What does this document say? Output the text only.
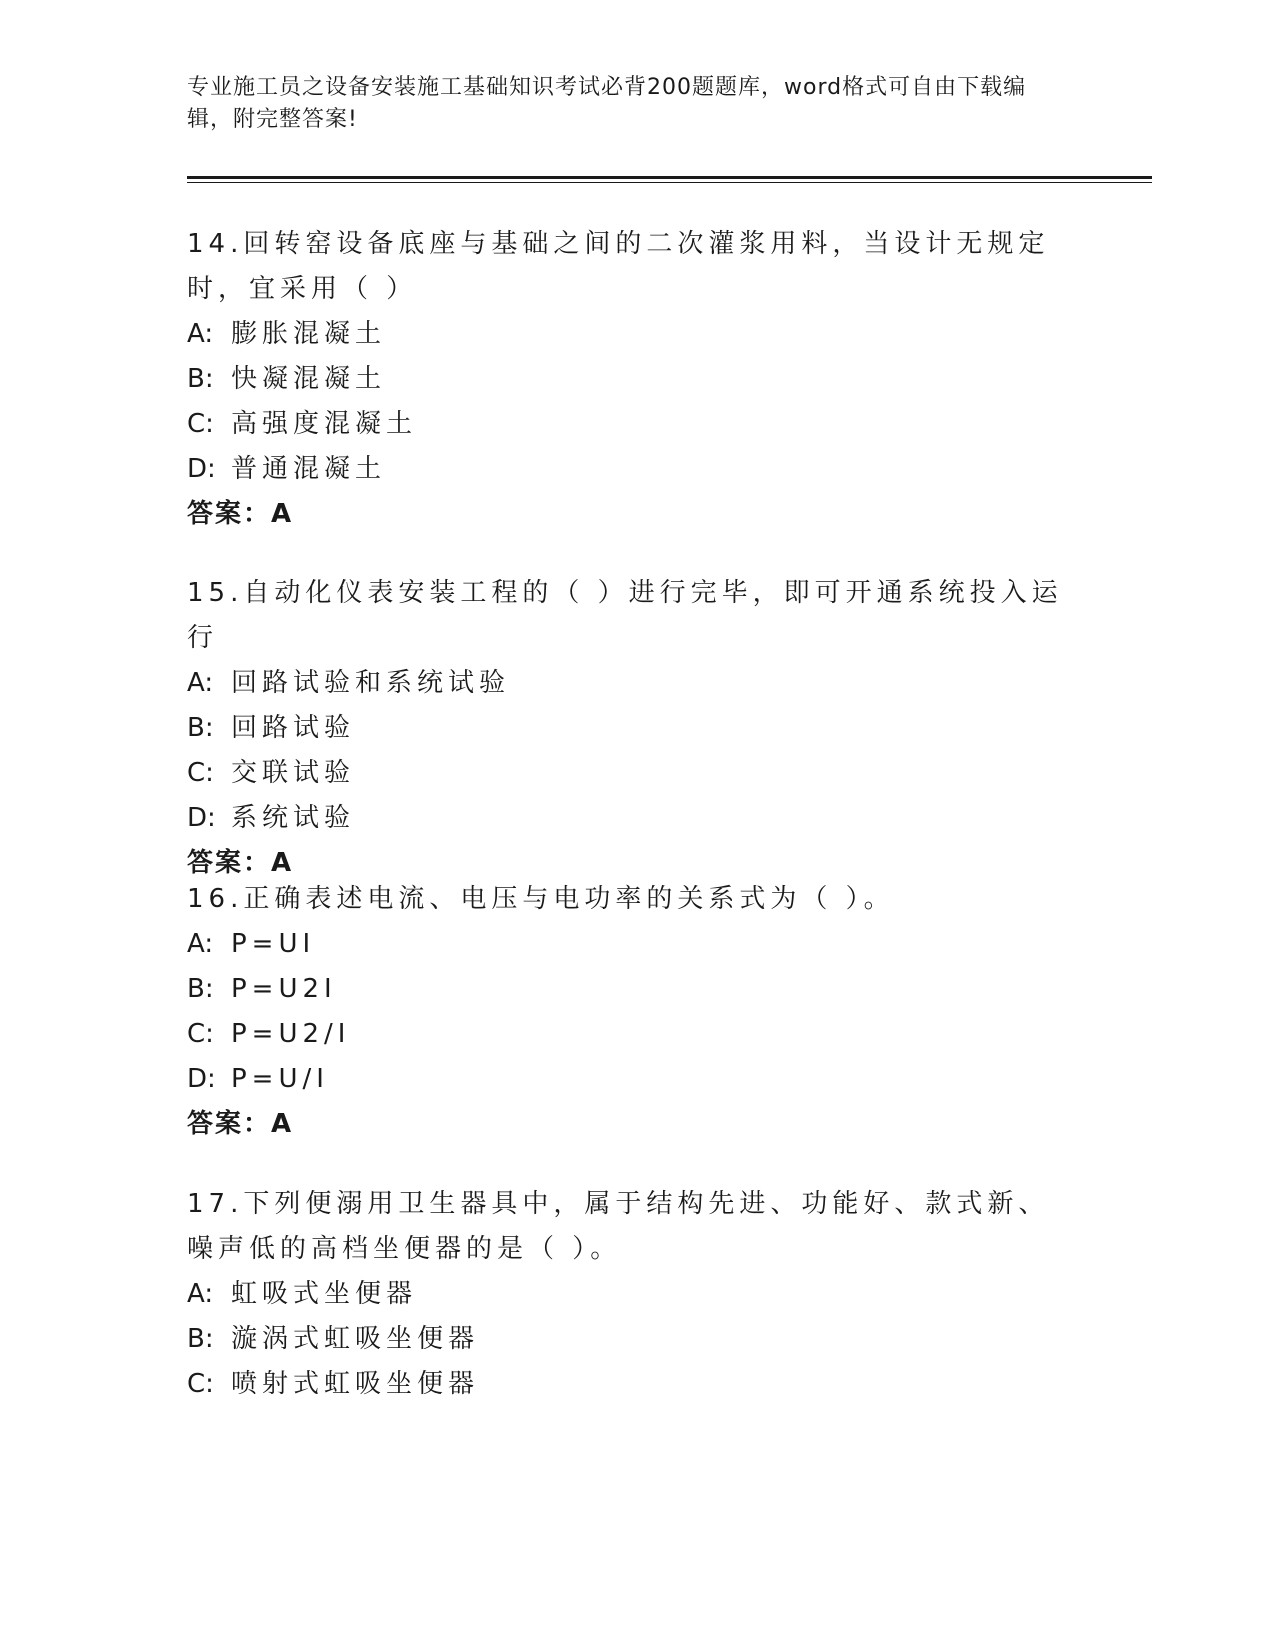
专业施工员之设备安装施工基础知识考试必背200题题库，word格式可自由下载编辑，附完整答案!

14.回转窑设备底座与基础之间的二次灌浆用料，当设计无规定时，宜采用（ ）

A: 膨胀混凝土

B: 快凝混凝土

C: 高强度混凝土

D: 普通混凝土

答案：A

15.自动化仪表安装工程的（ ）进行完毕，即可开通系统投入运行

A: 回路试验和系统试验

B: 回路试验

C: 交联试验

D: 系统试验

答案：A

16.正确表述电流、电压与电功率的关系式为（ ）。

A: P=UI

B: P=U2I

C: P=U2/I

D: P=U/I

答案：A

17.下列便溺用卫生器具中，属于结构先进、功能好、款式新、噪声低的高档坐便器的是（ ）。

A: 虹吸式坐便器

B: 漩涡式虹吸坐便器

C: 喷射式虹吸坐便器
